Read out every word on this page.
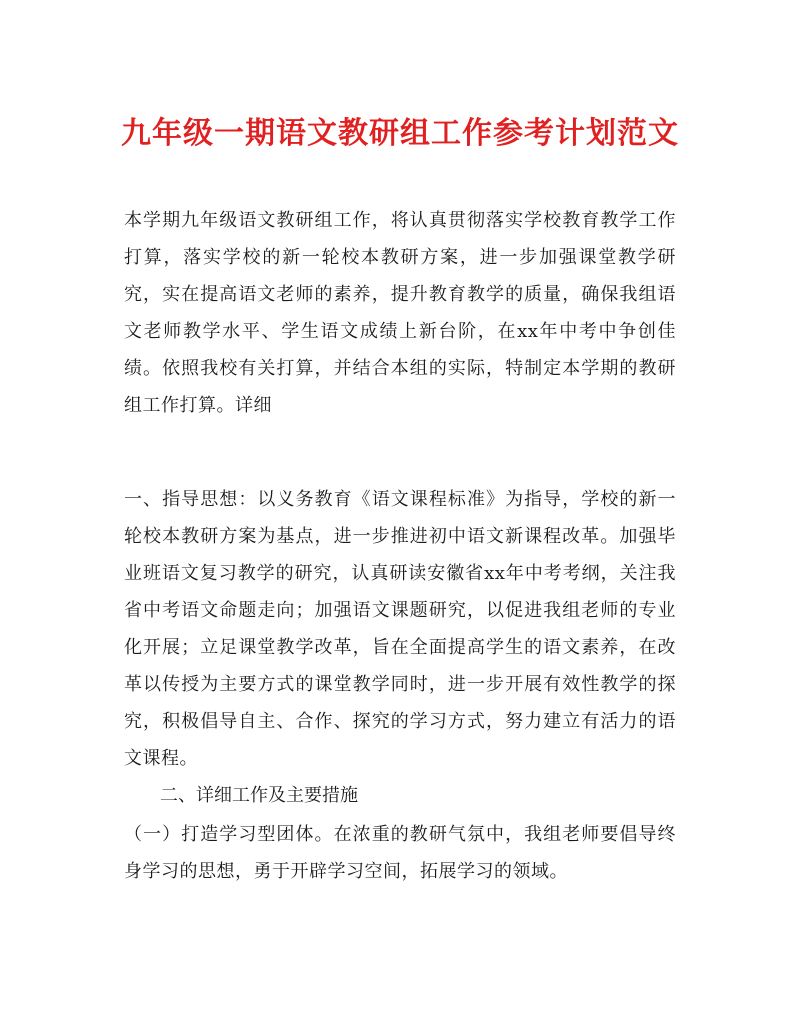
九年级一期语文教研组工作参考计划范文

本学期九年级语文教研组工作，将认真贯彻落实学校教育教学工作打算，落实学校的新一轮校本教研方案，进一步加强课堂教学研究，实在提高语文老师的素养，提升教育教学的质量，确保我组语文老师教学水平、学生语文成绩上新台阶，在xx年中考中争创佳绩。依照我校有关打算，并结合本组的实际，特制定本学期的教研组工作打算。详细

一、指导思想：以义务教育《语文课程标准》为指导，学校的新一轮校本教研方案为基点，进一步推进初中语文新课程改革。加强毕业班语文复习教学的研究，认真研读安徽省xx年中考考纲，关注我省中考语文命题走向；加强语文课题研究，以促进我组老师的专业化开展；立足课堂教学改革，旨在全面提高学生的语文素养，在改革以传授为主要方式的课堂教学同时，进一步开展有效性教学的探究，积极倡导自主、合作、探究的学习方式，努力建立有活力的语文课程。

二、详细工作及主要措施

（一）打造学习型团体。在浓重的教研气氛中，我组老师要倡导终身学习的思想，勇于开辟学习空间，拓展学习的领域。
